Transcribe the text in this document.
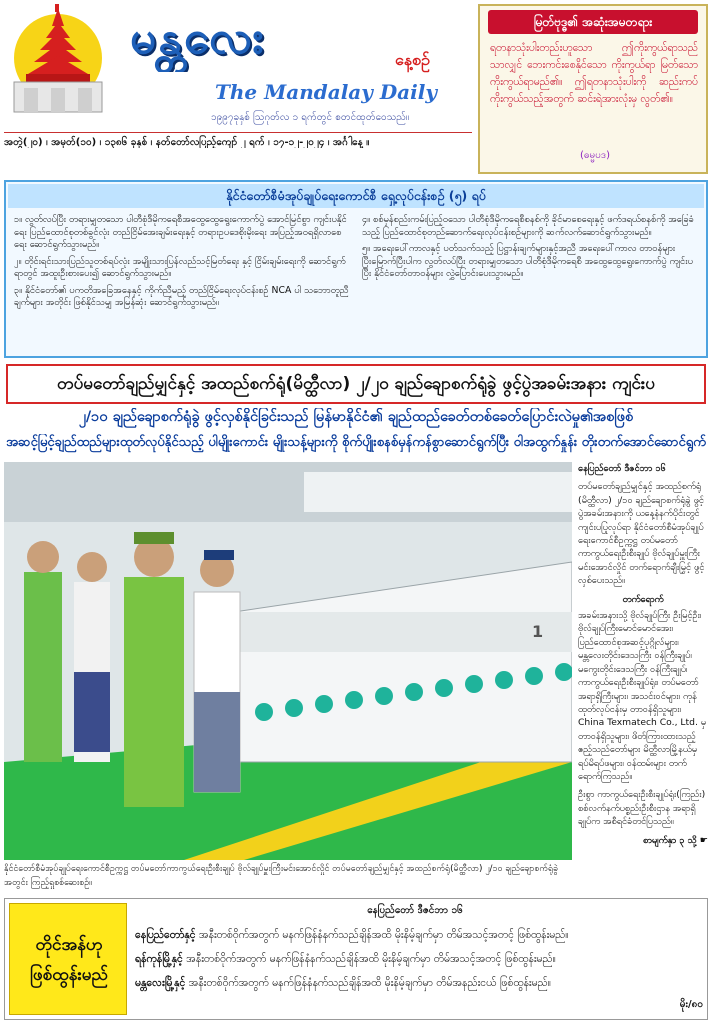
မန္တလေး	နေ့စဉ်
The Mandalay Daily
၁၉၉၇ခုနှစ် ဩဂုတ်လ ၁ ရက်တွင် စတင်ထုတ်ဝေသည်။
အတွဲ(၂၀) ၊ အမှတ်(၁၀) ၊ ၁၃၈၆ ခုနှစ် ၊ နတ်တော်လပြည့်ကျော် ၂ ရက် ၊ ၁၇-၁၂-၂၀၂၄ ၊ အင်္ဂါနေ့ ။
မြတ်ဗုဒ္ဓ၏ အဆုံးအမတရား
ရတနာသုံးပါးတည်းဟူသော ဤကိုးကွယ်ရာသည်သာလျှင် ဘေးကင်းစေနိုင်သော ကိုးကွယ်ရာ မြတ်သောကိုးကွယ်ရာမည်၏။ ဤရတနာသုံးပါးကို ဆည်းကပ်ကိုးကွယ်သည့်အတွက် ဆင်းရဲအားလုံးမှ လွတ်၏။
(ဓမ္မပဒ)
နိုင်ငံတော်စီမံအုပ်ချုပ်ရေးကောင်စီ ရှေ့လုပ်ငန်းစဉ် (၅) ရပ်
၁။ လွတ်လပ်ပြီး တရားမျှတသော ပါတီစုံဒီမိုကရေစီအထွေထွေရွေးကောက်ပွဲ အောင်မြင်စွာ ကျင်းပနိုင်ရေး ပြည်ထောင်စုတစ်ခွင်လုံး တည်ငြိမ်အေးချမ်းရေးနှင့် တရားဥပဒေစိုးမိုးရေး အပြည့်အဝရရှိလာစေရေး ဆောင်ရွက်သွားမည်။
၂။ တိုင်းရင်းသားပြည်သူတစ်ရပ်လုံး အမျိုးသားပြန်လည်သင့်မြတ်ရေး နှင့် ငြိမ်းချမ်းရေးကို ဆောင်ရွက်ရာတွင် အထူးဦးစားပေး၍ ဆောင်ရွက်သွားမည်။
၃။ နိုင်ငံတော်၏ ပကတိအခြေအနေနှင့် ကိုက်ညီမည့် တည်ငြိမ်ရေးလုပ်ငန်းစဉ် NCA ပါ သဘောတူညီချက်များ အတိုင်း ဖြစ်နိုင်သမျှ အမြန်ဆုံး ဆောင်ရွက်သွားမည်။
၄။ စစ်မှန်စည်းကမ်းပြည့်ဝသော ပါတီစုံဒီမိုကရေစီစနစ်ကို ခိုင်မာစေရေးနှင့် ဖက်ဒရယ်စနစ်ကို အခြေခံသည့် ပြည်ထောင်စုတည်ဆောက်ရေးလုပ်ငန်းစဉ်များကို ဆက်လက်ဆောင်ရွက်သွားမည်။
၅။ အရေးပေါ်ကာလနှင့် ပတ်သက်သည့် ပြဋ္ဌာန်းချက်များနှင့်အညီ အရေးပေါ်ကာလ တာဝန်များပြီးမြောက်ပြီးပါက လွတ်လပ်ပြီး တရားမျှတသော ပါတီစုံဒီမိုကရေစီ အထွေထွေရွေးကောက်ပွဲ ကျင်းပပြီး နိုင်ငံတော်တာဝန်များ လွှဲပြောင်းပေးသွားမည်။
တပ်မတော်ချည်မျှင်နှင့် အထည်စက်ရုံ(မိတ္ထီလာ) ၂/၂၀ ချည်ချောစက်ရုံခွဲ ဖွင့်ပွဲအခမ်းအနား ကျင်းပ
၂/၁၀ ချည်ချောစက်ရုံခွဲ ဖွင့်လှစ်နိုင်ခြင်းသည် မြန်မာနိုင်ငံ၏ ချည်ထည်ခေတ်တစ်ခေတ်ပြောင်းလဲမှု၏အစဖြစ်
အဆင့်မြင့်ချည်ထည်များထုတ်လုပ်နိုင်သည့် ပါမျိုးကောင်း မျိုးသန့်များကို စိုက်ပျိုးစနစ်မှန်ကန်စွာဆောင်ရွက်ပြီး ဝါအထွက်နှုန်း တိုးတက်အောင်ဆောင်ရွက်
1
နိုင်ငံတော်စီမံအုပ်ချုပ်ရေးကောင်စီဥက္ကဋ္ဌ တပ်မတော်ကာကွယ်ရေးဦးစီးချုပ် ဗိုလ်ချုပ်မှူးကြီးမင်းအောင်လှိုင် တပ်မတော်ချည်မျှင်နှင့် အထည်စက်ရုံ(မိတ္ထီလာ) ၂/၁၀ ချည်ချောစက်ရုံခွဲအတွင်း ကြည့်ရှုစစ်ဆေးစဉ်။

နေပြည်တော် ဒီဇင်ဘာ ၁၆

တပ်မတော်ချည်မျှင်နှင့် အထည်စက်ရုံ (မိတ္ထီလာ) ၂/၁၀ ချည်ချောစက်ရုံခွဲ ဖွင့်ပွဲအခမ်းအနားကို ယနေ့နံနက်ပိုင်းတွင် ကျင်းပပြုလုပ်ရာ နိုင်ငံတော်စီမံအုပ်ချုပ်ရေးကောင်စီဥက္ကဋ္ဌ တပ်မတော်ကာကွယ်ရေးဦးစီးချုပ် ဗိုလ်ချုပ်မှူးကြီးမင်းအောင်လှိုင် တက်ရောက်ချီးမြှင့် ဖွင့်လှစ်ပေးသည်။

တက်ရောက်

အခမ်းအနားသို့ ဗိုလ်ချုပ်ကြီး ဦးမြင့်ဦး၊ ဗိုလ်ချုပ်ကြီးမောင်မောင်အေး၊ ပြည်ထောင်စုအဆင့်ပုဂ္ဂိုလ်များ၊ မန္တလေးတိုင်းဒေသကြီး ဝန်ကြီးချုပ်၊ မကွေးတိုင်းဒေသကြီး ဝန်ကြီးချုပ်၊ ကာကွယ်ရေးဦးစီးချုပ်ရုံး၊ တပ်မတော်အရာရှိကြီးများ၊ အသင်းဝင်များ၊ ကုန်ထုတ်လုပ်ငန်းမှ တာဝန်ရှိသူများ၊ China Texmatech Co., Ltd. မှ တာဝန်ရှိသူများ၊ ဖိတ်ကြားထားသည့် ဧည့်သည်တော်များ မိတ္ထီလာမြို့နယ်မှ ရပ်မိရပ်ဖများ၊ ဝန်ထမ်းများ တက်ရောက်ကြသည်။

ဦးစွာ ကာကွယ်ရေးဦးစီးချုပ်ရုံး(ကြည်း) စစ်လက်နက်ပစ္စည်းဦးစီးဌာန အရာရှိချုပ်က အစီရင်ခံတင်ပြသည်။

စာမျက်နှာ ၃ သို့ ☛

တိုင်အန်ဟု ဖြစ်ထွန်းမည်
နေပြည်တော် ဒီဇင်ဘာ ၁၆
နေပြည်တော်နှင့် အနီးတစ်ဝိုက်အတွက် မနက်ဖြန်နံနက်သည်ချိန်အထိ မိုးနိမ့်ချက်မှာ တိမ်အသင့်အတင့် ဖြစ်ထွန်းမည်။
ရန်ကုန်မြို့နှင့် အနီးတစ်ဝိုက်အတွက် မနက်ဖြန်နံနက်သည်ချိန်အထိ မိုးနိမ့်ချက်မှာ တိမ်အသင့်အတင့် ဖြစ်ထွန်းမည်။
မန္တလေးမြို့နှင့် အနီးတစ်ဝိုက်အတွက် မနက်ဖြန်နံနက်သည်ချိန်အထိ မိုးနိမ့်ချက်မှာ တိမ်အနည်းငယ် ဖြစ်ထွန်းမည်။
မိုး/၈၀
